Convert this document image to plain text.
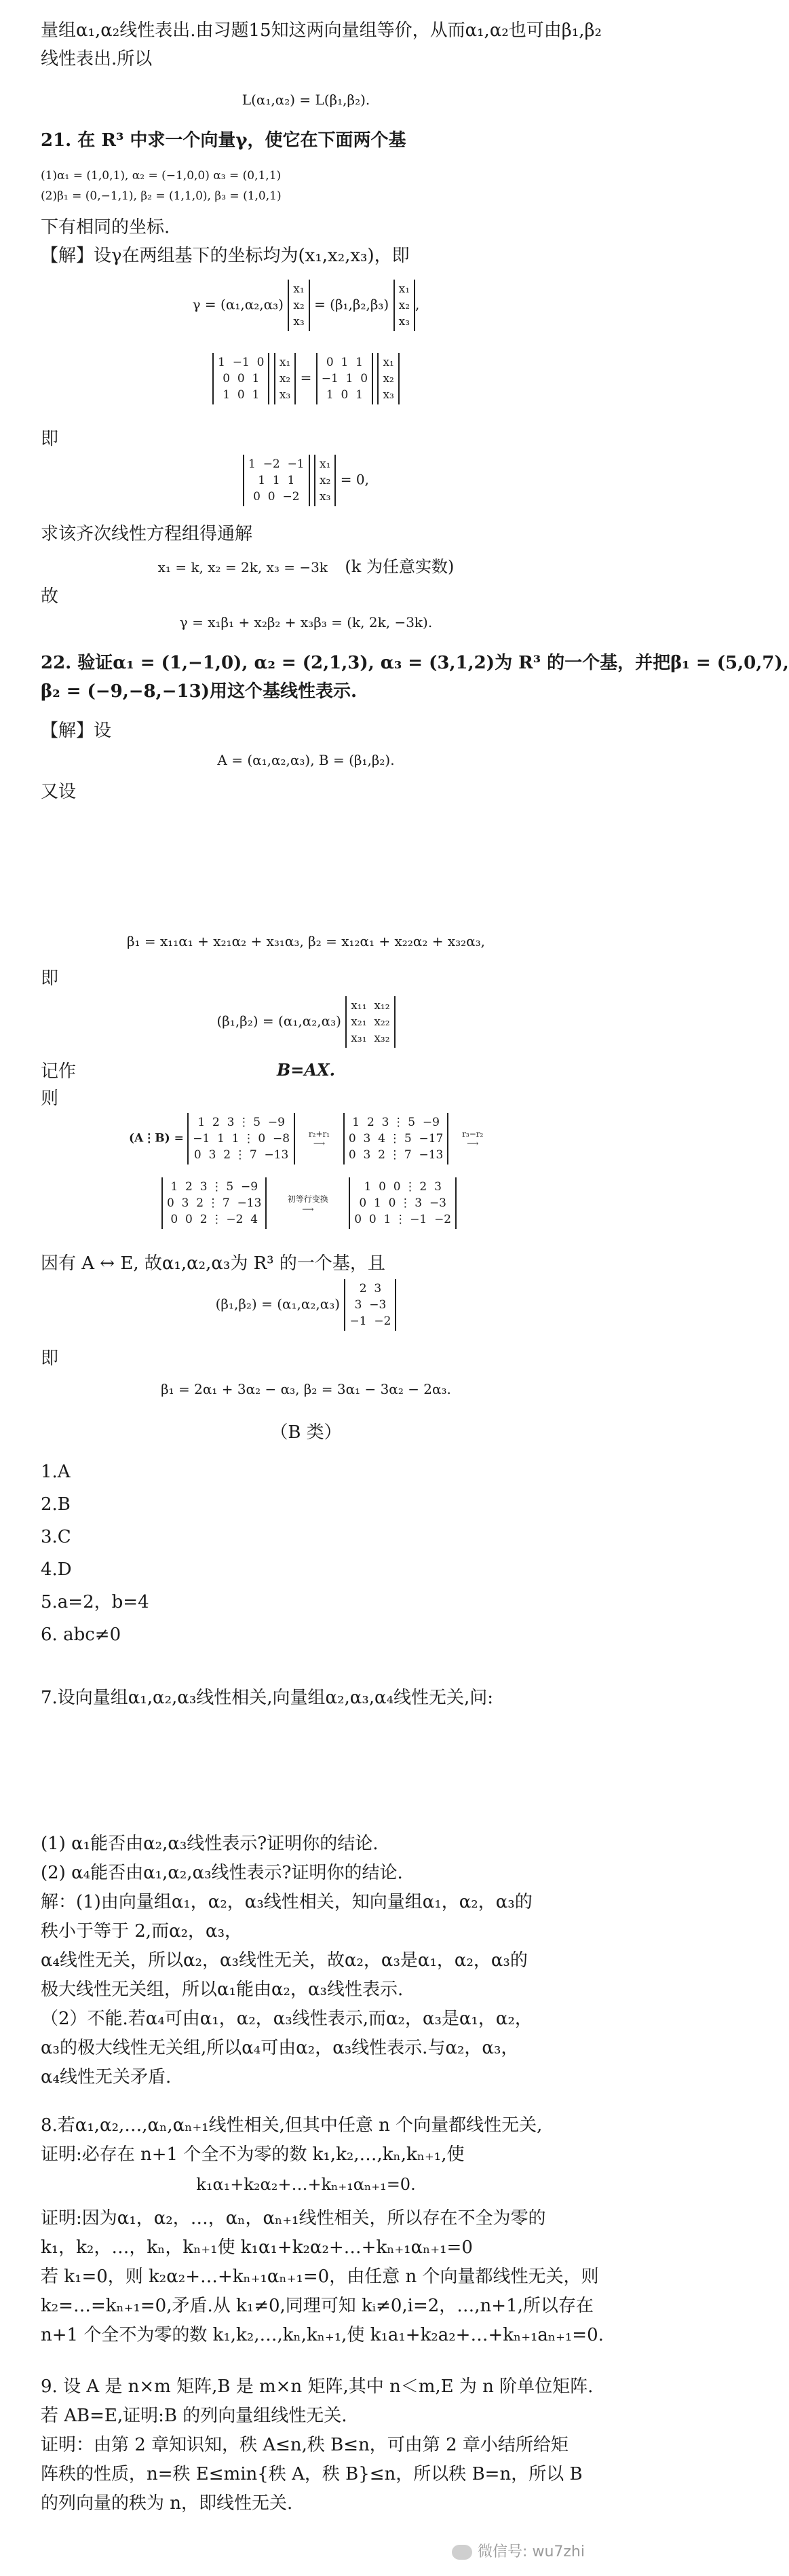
量组α₁,α₂线性表出.由习题15知这两向量组等价，从而α₁,α₂也可由β₁,β₂
线性表出.所以
L(α₁,α₂) = L(β₁,β₂).
21. 在 R³ 中求一个向量γ，使它在下面两个基
(1)α₁ = (1,0,1), α₂ = (−1,0,0) α₃ = (0,1,1)
(2)β₁ = (0,−1,1), β₂ = (1,1,0), β₃ = (1,0,1)
下有相同的坐标.
【解】设γ在两组基下的坐标均为(x₁,x₂,x₃)，即
γ = (α₁,α₂,α₃)
x₁
x₂
x₃
= (β₁,β₂,β₃)
x₁
x₂
x₃
,
1 −1 0
0 0 1
1 0 1

x₁
x₂
x₃
=
0 1 1
−1 1 0
1 0 1

x₁
x₂
x₃
即
1 −2 −1
1 1 1
0 0 −2

x₁
x₂
x₃
= 0,
求该齐次线性方程组得通解
x₁ = k, x₂ = 2k, x₃ = −3k (k 为任意实数)
故
γ = x₁β₁ + x₂β₂ + x₃β₃ = (k, 2k, −3k).
22. 验证α₁ = (1,−1,0), α₂ = (2,1,3), α₃ = (3,1,2)为 R³ 的一个基，并把β₁ = (5,0,7),
β₂ = (−9,−8,−13)用这个基线性表示.
【解】设
A = (α₁,α₂,α₃), B = (β₁,β₂).
又设
β₁ = x₁₁α₁ + x₂₁α₂ + x₃₁α₃, β₂ = x₁₂α₁ + x₂₂α₂ + x₃₂α₃,
即
(β₁,β₂) = (α₁,α₂,α₃)
x₁₁ x₁₂
x₂₁ x₂₂
x₃₁ x₃₂
记作	B=AX.
则
(A⋮B) =
1 2 3 ⋮ 5 −9
−1 1 1 ⋮ 0 −8
0 3 2 ⋮ 7 −13

r₂+r₁
⟶

1 2 3 ⋮ 5 −9
0 3 4 ⋮ 5 −17
0 3 2 ⋮ 7 −13

r₃−r₂
⟶
1 2 3 ⋮ 5 −9
0 3 2 ⋮ 7 −13
0 0 2 ⋮ −2 4

初等行变换
⟶

1 0 0 ⋮ 2 3
0 1 0 ⋮ 3 −3
0 0 1 ⋮ −1 −2
因有 A ↔ E, 故α₁,α₂,α₃为 R³ 的一个基，且
(β₁,β₂) = (α₁,α₂,α₃)
2 3
3 −3
−1 −2
即
β₁ = 2α₁ + 3α₂ − α₃, β₂ = 3α₁ − 3α₂ − 2α₃.
（B 类）
1.A
2.B
3.C
4.D
5.a=2，b=4
6. abc≠0
7.设向量组α₁,α₂,α₃线性相关,向量组α₂,α₃,α₄线性无关,问:
(1) α₁能否由α₂,α₃线性表示?证明你的结论.
(2) α₄能否由α₁,α₂,α₃线性表示?证明你的结论.
解：(1)由向量组α₁，α₂，α₃线性相关，知向量组α₁，α₂，α₃的
秩小于等于 2,而α₂，α₃，
α₄线性无关，所以α₂，α₃线性无关，故α₂，α₃是α₁，α₂，α₃的
极大线性无关组，所以α₁能由α₂，α₃线性表示.
（2）不能.若α₄可由α₁，α₂，α₃线性表示,而α₂，α₃是α₁，α₂，
α₃的极大线性无关组,所以α₄可由α₂，α₃线性表示.与α₂，α₃，
α₄线性无关矛盾.
8.若α₁,α₂,…,αₙ,αₙ₊₁线性相关,但其中任意 n 个向量都线性无关,
证明:必存在 n+1 个全不为零的数 k₁,k₂,…,kₙ,kₙ₊₁,使
k₁α₁+k₂α₂+…+kₙ₊₁αₙ₊₁=0.
证明:因为α₁，α₂，…，αₙ，αₙ₊₁线性相关，所以存在不全为零的
k₁，k₂，…，kₙ，kₙ₊₁使 k₁α₁+k₂α₂+…+kₙ₊₁αₙ₊₁=0
若 k₁=0，则 k₂α₂+…+kₙ₊₁αₙ₊₁=0，由任意 n 个向量都线性无关，则
k₂=…=kₙ₊₁=0,矛盾.从 k₁≠0,同理可知 kᵢ≠0,i=2，…,n+1,所以存在
n+1 个全不为零的数 k₁,k₂,…,kₙ,kₙ₊₁,使 k₁a₁+k₂a₂+…+kₙ₊₁aₙ₊₁=0.
9. 设 A 是 n×m 矩阵,B 是 m×n 矩阵,其中 n＜m,E 为 n 阶单位矩阵.
若 AB=E,证明:B 的列向量组线性无关.
证明：由第 2 章知识知，秩 A≤n,秩 B≤n，可由第 2 章小结所给矩
阵秩的性质，n=秩 E≤min{秩 A，秩 B}≤n，所以秩 B=n，所以 B
的列向量的秩为 n，即线性无关.
微信号: wu7zhi
